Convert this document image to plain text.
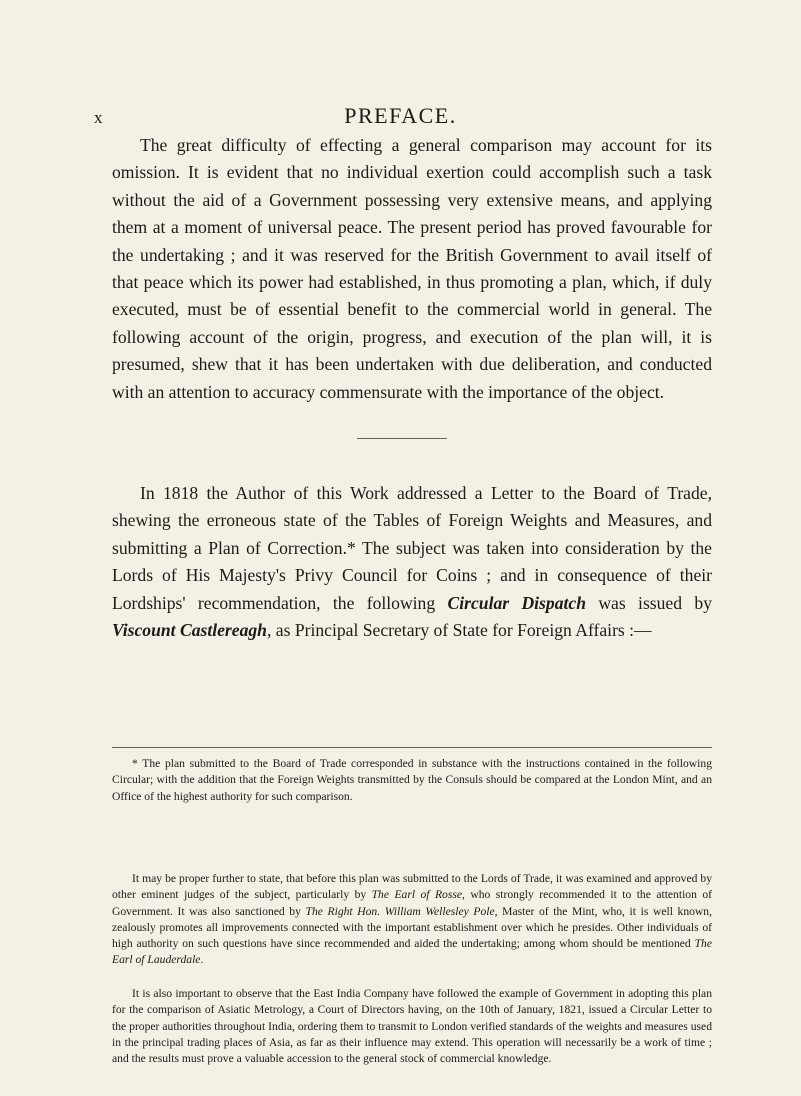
x	PREFACE.

The great difficulty of effecting a general comparison may account for its omission. It is evident that no individual exertion could accomplish such a task without the aid of a Government possessing very extensive means, and applying them at a moment of universal peace. The present period has proved favourable for the undertaking ; and it was reserved for the British Government to avail itself of that peace which its power had established, in thus promoting a plan, which, if duly executed, must be of essential benefit to the commercial world in general. The following account of the origin, progress, and execution of the plan will, it is presumed, shew that it has been undertaken with due deliberation, and conducted with an attention to accuracy commensurate with the importance of the object.

In 1818 the Author of this Work addressed a Letter to the Board of Trade, shewing the erroneous state of the Tables of Foreign Weights and Measures, and submitting a Plan of Correction.* The subject was taken into consideration by the Lords of His Majesty's Privy Council for Coins ; and in consequence of their Lordships' recommendation, the following Circular Dispatch was issued by Viscount Castlereagh, as Principal Secretary of State for Foreign Affairs :—

* The plan submitted to the Board of Trade corresponded in substance with the instructions contained in the following Circular; with the addition that the Foreign Weights transmitted by the Consuls should be compared at the London Mint, and an Office of the highest authority for such comparison.

It may be proper further to state, that before this plan was submitted to the Lords of Trade, it was examined and approved by other eminent judges of the subject, particularly by The Earl of Rosse, who strongly recommended it to the attention of Government. It was also sanctioned by The Right Hon. William Wellesley Pole, Master of the Mint, who, it is well known, zealously promotes all improvements connected with the important establishment over which he presides. Other individuals of high authority on such questions have since recommended and aided the undertaking; among whom should be mentioned The Earl of Lauderdale.

It is also important to observe that the East India Company have followed the example of Government in adopting this plan for the comparison of Asiatic Metrology, a Court of Directors having, on the 10th of January, 1821, issued a Circular Letter to the proper authorities throughout India, ordering them to transmit to London verified standards of the weights and measures used in the principal trading places of Asia, as far as their influence may extend. This operation will necessarily be a work of time ; and the results must prove a valuable accession to the general stock of commercial knowledge.
